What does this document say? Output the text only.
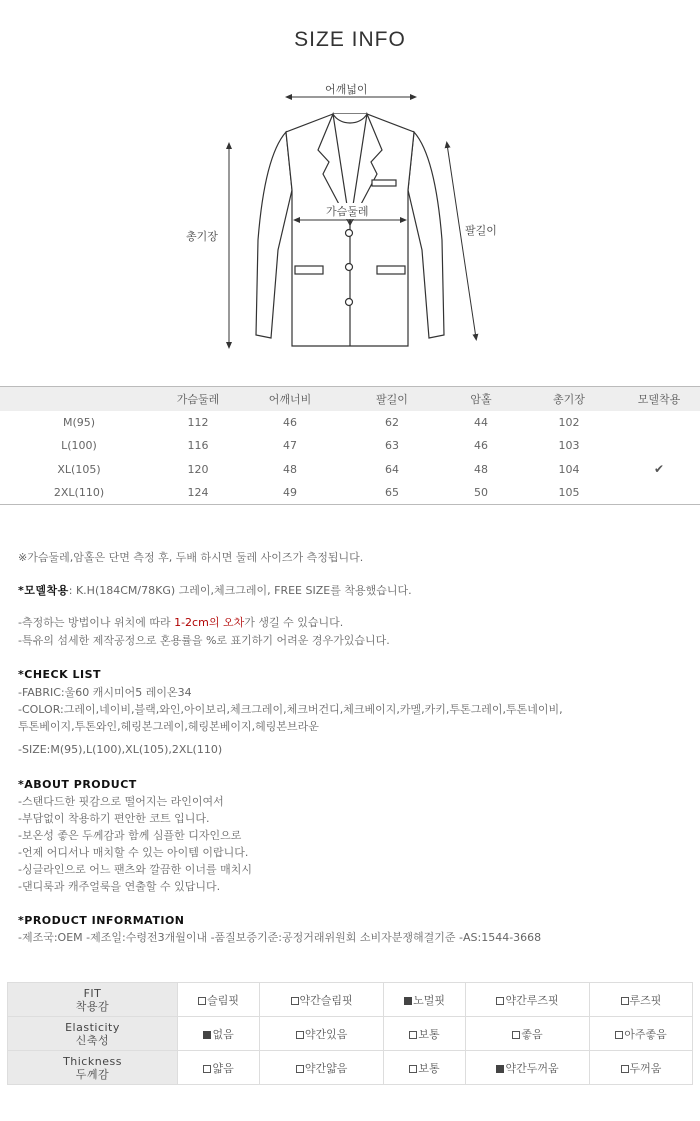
SIZE INFO
어깨넓이
가슴둘레
총기장	팔길이
	가슴둘레	어깨너비	팔길이	암홀	총기장	모델착용
M(95)	112	46	62	44	102	
L(100)	116	47	63	46	103	
XL(105)	120	48	64	48	104	✔
2XL(110)	124	49	65	50	105	
※가슴둘레,암홀은 단면 측정 후, 두배 하시면 둘레 사이즈가 측정됩니다.
*모델착용: K.H(184CM/78KG) 그레이,체크그레이, FREE SIZE를 착용했습니다.
-측정하는 방법이나 위치에 따라 1-2cm의 오차가 생길 수 있습니다.
-특유의 섬세한 제작공정으로 혼용률을 %로 표기하기 어려운 경우가있습니다.
*CHECK LIST
-FABRIC:울60 캐시미어5 레이온34
-COLOR:그레이,네이비,블랙,와인,아이보리,체크그레이,체크버건디,체크베이지,카멜,카키,투톤그레이,투톤네이비,
투톤베이지,투톤와인,헤링본그레이,헤링본베이지,헤링본브라운
-SIZE:M(95),L(100),XL(105),2XL(110)
*ABOUT PRODUCT
-스탠다드한 핏감으로 떨어지는 라인이여서
-부담없이 착용하기 편안한 코트 입니다.
-보온성 좋은 두께감과 함께 심플한 디자인으로
-언제 어디서나 매치할 수 있는 아이템 이랍니다.
-싱글라인으로 어느 팬츠와 깔끔한 이너를 매치시
-댄디룩과 캐주얼룩을 연출할 수 있답니다.
*PRODUCT INFORMATION
-제조국:OEM -제조일:수령전3개월이내 -품질보증기준:공정거래위원회 소비자분쟁해결기준 -AS:1544-3668
FIT
착용감	슬림핏	약간슬림핏	노멀핏	약간루즈핏	루즈핏

Elasticity
신축성	없음	약간있음	보통	좋음	아주좋음

Thickness
두께감	얇음	약간얇음	보통	약간두꺼움	두꺼움
